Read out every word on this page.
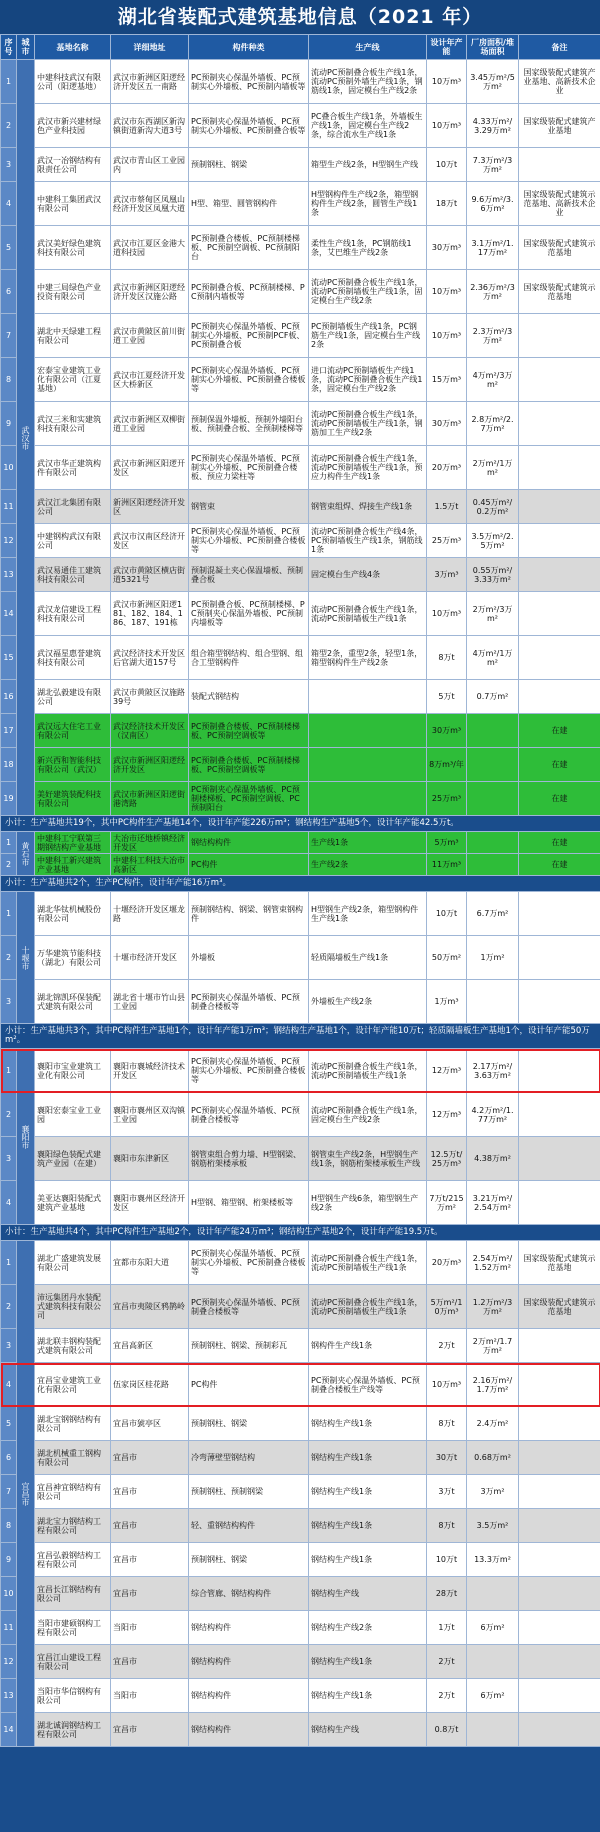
湖北省装配式建筑基地信息（2021 年）
序号	城市	基地名称	详细地址	构件种类	生产线	设计年产能	厂房面积/堆场面积	备注
1	武汉市	中建科技武汉有限公司（阳逻基地）	武汉市新洲区阳逻经济开发区五一南路	PC预制夹心保温外墙板、PC预制实心外墙板、PC预制内墙板等	流动PC预制叠合板生产线1条，流动PC预制外墙生产线1条，钢筋线1条，固定模台生产线2条	10万m³	3.45万m²/5万m²	国家级装配式建筑产业基地、高新技术企业
2		武汉市新兴建材绿色产业科技园	武汉市东西湖区新沟镇街道新沟大道3号	PC预制夹心保温外墙板、PC预制实心外墙板、PC预制叠合板等	PC叠合板生产线1条，外墙板生产线1条，固定模台生产线2条，综合流水生产线1条	10万m³	4.33万m²/3.29万m²	国家级装配式建筑产业基地
3		武汉一冶钢结构有限责任公司	武汉市青山区工业园内	预制钢柱、钢梁	箱型生产线2条，H型钢生产线	10万t	7.3万m²/3万m²	
4		中建科工集团武汉有限公司	武汉市蔡甸区凤凰山经济开发区凤凰大道	H型、箱型、圆管钢构件	H型钢构件生产线2条，箱型钢构件生产线2条，圆管生产线1条	18万t	9.6万m²/3.6万m²	国家级装配式建筑示范基地、高新技术企业
5		武汉美好绿色建筑科技有限公司	武汉市江夏区金港大道科技园	PC预制叠合楼板、PC预制楼梯板、PC预制空调板、PC预制阳台	柔性生产线1条，PC钢筋线1条，艾巴维生产线2条	30万m³	3.1万m²/1.17万m²	国家级装配式建筑示范基地
6		中建三局绿色产业投资有限公司	武汉市新洲区阳逻经济开发区汉施公路	PC预制叠合板、PC预制楼梯、PC预制内墙板等	流动PC预制叠合板生产线1条，流动PC预制墙板生产线1条，固定模台生产线2条	10万m³	2.36万m²/3万m²	国家级装配式建筑示范基地
7		湖北中天绿建工程有限公司	武汉市黄陂区前川街道工业园	PC预制夹心保温外墙板、PC预制实心外墙板、PC预制PCF板、PC预制叠合板	PC预制墙板生产线1条，PC钢筋生产线1条，固定模台生产线2条	10万m³	2.3万m²/3万m²	
8		宏泰宝业建筑工业化有限公司（江夏基地）	武汉市江夏经济开发区大桥新区	PC预制夹心保温外墙板、PC预制实心外墙板、PC预制叠合楼板等	进口流动PC预制墙板生产线1条，流动PC预制叠合板生产线1条，固定模台生产线2条	15万m³	4万m²/3万m²	
9		武汉三米和实建筑科技有限公司	武汉市新洲区双柳街道工业园	预制保温外墙板、预制外墙阳台板、预制叠合板、全预制楼梯等	流动PC预制叠合板生产线1条，流动PC预制墙板生产线1条，钢筋加工生产线2条	30万m³	2.8万m²/2.7万m²	
10		武汉市华正建筑构件有限公司	武汉市新洲区阳逻开发区	PC预制夹心保温外墙板、PC预制实心外墙板、PC预制叠合楼板、预应力梁柱等	流动PC预制叠合板生产线1条，流动PC预制墙板生产线1条，预应力构件生产线1条	20万m³	2万m²/1万m²	
11		武汉江北集团有限公司	新洲区阳逻经济开发区	钢管束	钢管束组焊、焊接生产线1条	1.5万t	0.45万m²/0.2万m²	
12		中建钢构武汉有限公司	武汉市汉南区经济开发区	PC预制夹心保温外墙板、PC预制实心外墙板、PC预制叠合楼板等	流动PC预制叠合板生产线4条，PC预制墙板生产线1条，钢筋线1条	25万m³	3.5万m²/2.5万m²	
13		武汉易通佳工建筑科技有限公司	武汉市黄陂区横店街道5321号	预制混凝土夹心保温墙板、预制叠合板	固定模台生产线4条	3万m³	0.55万m²/3.33万m²	
14		武汉龙信建设工程科技有限公司	武汉市新洲区阳逻181、182、184、186、187、191栋	PC预制叠合板、PC预制楼梯、PC预制夹心保温外墙板、PC预制内墙板等	流动PC预制叠合板生产线1条，流动PC预制墙板生产线1条	10万m³	2万m²/3万m²	
15		武汉福星惠誉建筑科技有限公司	武汉经济技术开发区后官湖大道157号	组合箱型钢结构、组合型钢、组合工型钢构件	箱型2条，重型2条，轻型1条，箱型钢构件生产线2条	8万t	4万m²/1万m²	
16		湖北弘毅建设有限公司	武汉市黄陂区汉施路39号	装配式钢结构		5万t	0.7万m²	
17		武汉远大住宅工业有限公司	武汉经济技术开发区（汉南区）	PC预制叠合楼板、PC预制楼梯板、PC预制空调板等		30万m³		在建
18		新兴西和智能科技有限公司（武汉）	武汉市新洲区阳逻经济开发区	PC预制叠合楼板、PC预制楼梯板、PC预制空调板等		8万m³/年		在建
19		美好建筑装配科技有限公司	武汉市新洲区阳逻街港湾路	PC预制夹心保温外墙板、PC预制楼梯板、PC预制空调板、PC预制阳台		25万m³		在建
小计：生产基地共19个，其中PC构件生产基地14个，设计年产能226万m³；钢结构生产基地5个，设计年产能42.5万t。								
1	黄石市	中建科工宁联第三期钢结构产业基地	大冶市还地桥镇经济开发区	钢结构构件	生产线1条	5万m³		在建
2		中建科工新兴建筑产业基地	中建科工科技大冶市高新区	PC构件	生产线2条	11万m³		在建
小计：生产基地共2个，生产PC构件，设计年产能16万m³。								
1	十堰市	湖北华钛机械股份有限公司	十堰经济开发区堰龙路	预制钢结构、钢梁、钢管束钢构件	H型钢生产线2条，箱型钢构件生产线1条	10万t	6.7万m²	
2		万华建筑节能科技（湖北）有限公司	十堰市经济开发区	外墙板	轻质隔墙板生产线1条	50万m²	1万m²	
3		湖北锦凯环保装配式建筑有限公司	湖北省十堰市竹山县工业园	PC预制夹心保温外墙板、PC预制叠合楼板等	外墙板生产线2条	1万m³		
小计：生产基地共3个，其中PC构件生产基地1个，设计年产能1万m³；钢结构生产基地1个，设计年产能10万t；轻质隔墙板生产基地1个，设计年产能50万m²。								
1	襄阳市	襄阳市宝业建筑工业化有限公司	襄阳市襄城经济技术开发区	PC预制夹心保温外墙板、PC预制实心外墙板、PC预制叠合楼板等	流动PC预制叠合板生产线1条，流动PC预制墙板生产线1条	12万m³	2.17万m²/3.63万m²	
2		襄阳宏泰宝业工业园	襄阳市襄州区双沟镇工业园	PC预制夹心保温外墙板、PC预制叠合楼板等	流动PC预制叠合板生产线1条，固定模台生产线2条	12万m³	4.2万m²/1.77万m²	
3		襄阳绿色装配式建筑产业园（在建）	襄阳市东津新区	钢管束组合剪力墙、H型钢梁、钢筋桁架楼承板	钢管束生产线2条，H型钢生产线1条，钢筋桁架楼承板生产线	12.5万t/25万m³	4.38万m²	
4		美亚达襄阳装配式建筑产业基地	襄阳市襄州区经济开发区	H型钢、箱型钢、桁架楼板等	H型钢生产线6条，箱型钢生产线2条	7万t/215万m²	3.21万m²/2.54万m²	
小计：生产基地共4个，其中PC构件生产基地2个，设计年产能24万m³；钢结构生产基地2个，设计年产能19.5万t。								
1	宜昌市	湖北广盛建筑发展有限公司	宜都市东阳大道	PC预制夹心保温外墙板、PC预制实心外墙板、PC预制叠合楼板等	流动PC预制叠合板生产线1条，流动PC预制墙板生产线1条	20万m³	2.54万m²/1.52万m²	国家级装配式建筑示范基地
2		沛远集团丹水装配式建筑科技有限公司	宜昌市夷陵区鸦鹊岭	PC预制夹心保温外墙板、PC预制叠合楼板等	流动PC预制叠合板生产线1条，流动PC预制墙板生产线1条	5万m²/10万m³	1.2万m²/3万m²	国家级装配式建筑示范基地
3		湖北联丰钢构装配式建筑有限公司	宜昌高新区	预制钢柱、钢梁、预制彩瓦	钢构件生产线1条	2万t	2万m²/1.7万m²	
4		宜昌宝业建筑工业化有限公司	伍家岗区桂花路	PC构件	PC预制夹心保温外墙板、PC预制叠合楼板生产线等	10万m³	2.16万m²/1.7万m²	
5		湖北宝钢钢结构有限公司	宜昌市猇亭区	预制钢柱、钢梁	钢结构生产线1条	8万t	2.4万m²	
6		湖北机械重工钢构有限公司	宜昌市	冷弯薄壁型钢结构	钢结构生产线1条	30万t	0.68万m²	
7		宜昌神宜钢结构有限公司	宜昌市	预制钢柱、预制钢梁	钢结构生产线1条	3万t	3万m²	
8		湖北宝力钢结构工程有限公司	宜昌市	轻、重钢结构构件	钢结构生产线1条	8万t	3.5万m²	
9		宜昌弘毅钢结构工程有限公司	宜昌市	预制钢柱、钢梁	钢结构生产线1条	10万t	13.3万m²	
10		宜昌长江钢结构有限公司	宜昌市	综合管廊、钢结构构件	钢结构生产线	28万t		
11		当阳市建硕钢构工程有限公司	当阳市	钢结构构件	钢结构生产线2条	1万t	6万m²	
12		宜昌江山建设工程有限公司	宜昌市	钢结构构件	钢结构生产线1条	2万t		
13		当阳市华信钢构有限公司	当阳市	钢结构构件	钢结构生产线1条	2万t	6万m²	
14		湖北诚润钢结构工程有限公司	宜昌市	钢结构构件	钢结构生产线	0.8万t		
